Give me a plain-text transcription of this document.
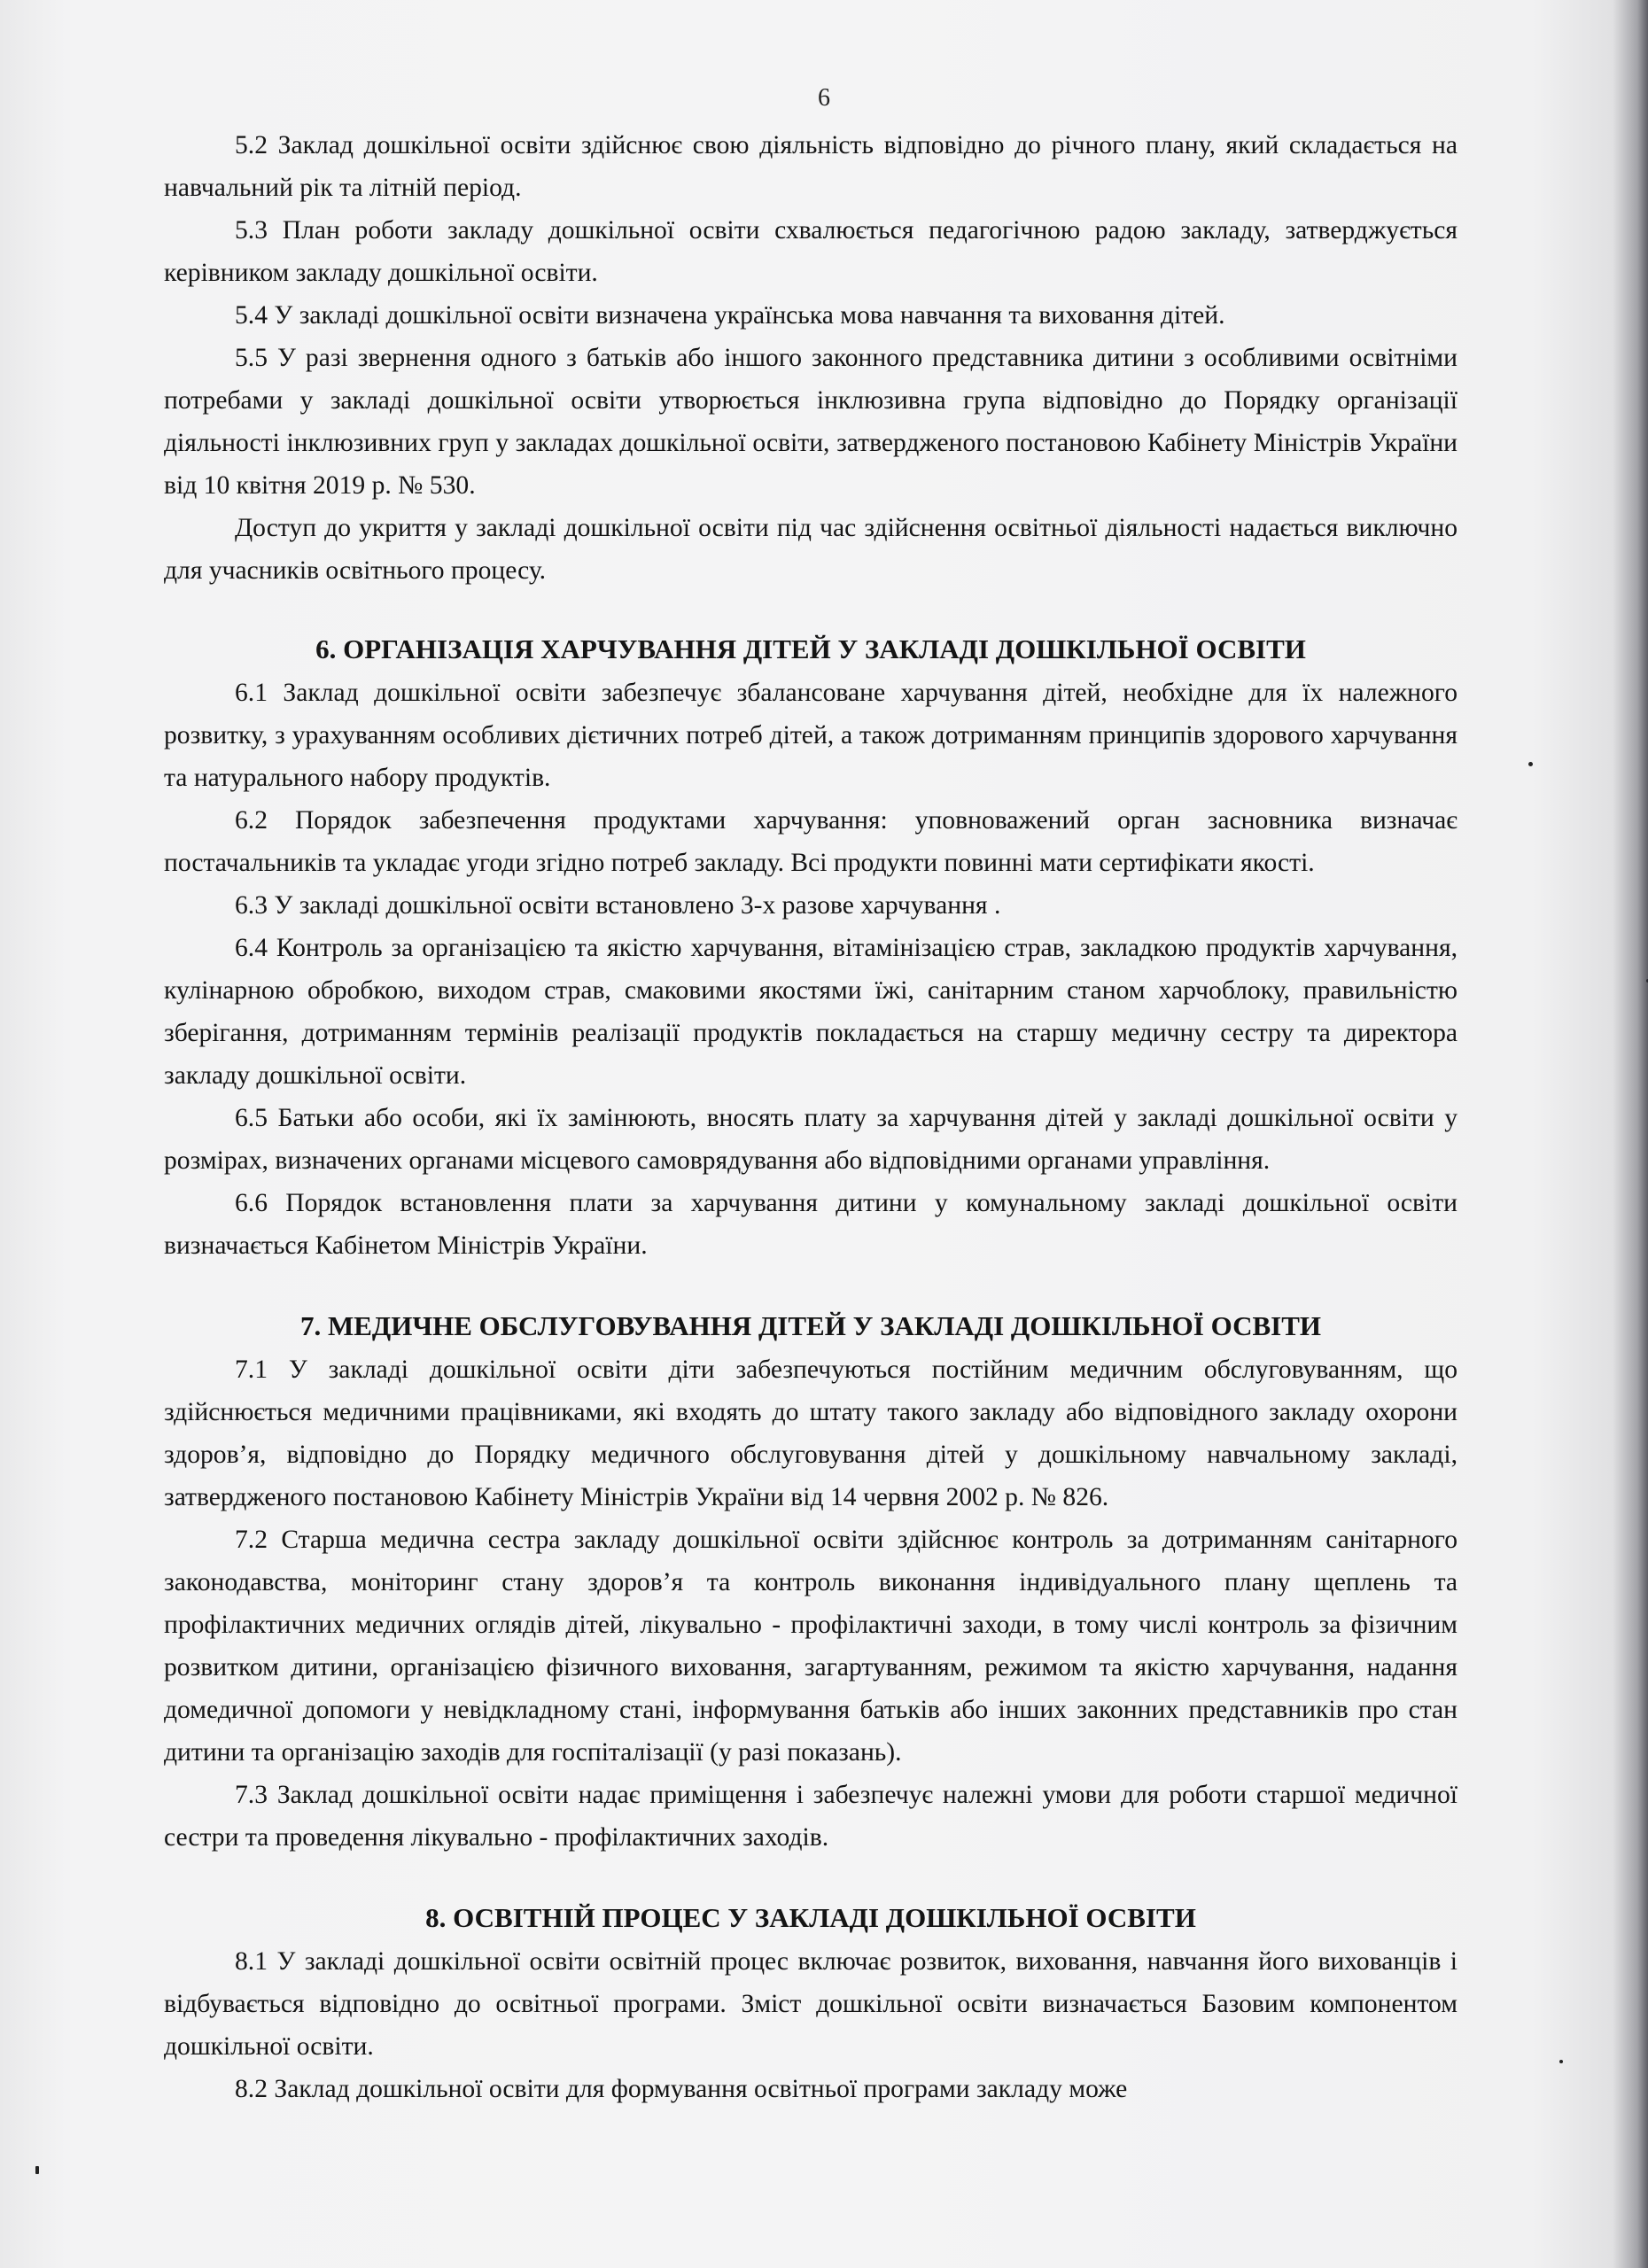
6

5.2 Заклад дошкільної освіти здійснює свою діяльність відповідно до річного плану, який складається на навчальний рік та літній період.

5.3 План роботи закладу дошкільної освіти схвалюється педагогічною радою закладу, затверджується керівником закладу дошкільної освіти.

5.4 У закладі дошкільної освіти визначена українська мова навчання та виховання дітей.

5.5 У разі звернення одного з батьків або іншого законного представника дитини з особливими освітніми потребами у закладі дошкільної освіти утворюється інклюзивна група відповідно до Порядку організації діяльності інклюзивних груп у закладах дошкільної освіти, затвердженого постановою Кабінету Міністрів України від 10 квітня 2019 р. № 530.

Доступ до укриття у закладі дошкільної освіти під час здійснення освітньої діяльності надається виключно для учасників освітнього процесу.

6. ОРГАНІЗАЦІЯ ХАРЧУВАННЯ ДІТЕЙ У ЗАКЛАДІ ДОШКІЛЬНОЇ ОСВІТИ

6.1 Заклад дошкільної освіти забезпечує збалансоване харчування дітей, необхідне для їх належного розвитку, з урахуванням особливих дієтичних потреб дітей, а також дотриманням принципів здорового харчування та натурального набору продуктів.

6.2 Порядок забезпечення продуктами харчування: уповноважений орган засновника визначає постачальників та укладає угоди згідно потреб закладу. Всі продукти повинні мати сертифікати якості.

6.3 У закладі дошкільної освіти встановлено 3-х разове харчування .

6.4 Контроль за організацією та якістю харчування, вітамінізацією страв, закладкою продуктів харчування, кулінарною обробкою, виходом страв, смаковими якостями їжі, санітарним станом харчоблоку, правильністю зберігання, дотриманням термінів реалізації продуктів покладається на старшу медичну сестру та директора закладу дошкільної освіти.

6.5 Батьки або особи, які їх замінюють, вносять плату за харчування дітей у закладі дошкільної освіти у розмірах, визначених органами місцевого самоврядування або відповідними органами управління.

6.6 Порядок встановлення плати за харчування дитини у комунальному закладі дошкільної освіти визначається Кабінетом Міністрів України.

7. МЕДИЧНЕ ОБСЛУГОВУВАННЯ ДІТЕЙ У ЗАКЛАДІ ДОШКІЛЬНОЇ ОСВІТИ

7.1 У закладі дошкільної освіти діти забезпечуються постійним медичним обслуговуванням, що здійснюється медичними працівниками, які входять до штату такого закладу або відповідного закладу охорони здоров’я, відповідно до Порядку медичного обслуговування дітей у дошкільному навчальному закладі, затвердженого постановою Кабінету Міністрів України від 14 червня 2002 р. № 826.

7.2 Старша медична сестра закладу дошкільної освіти здійснює контроль за дотриманням санітарного законодавства, моніторинг стану здоров’я та контроль виконання індивідуального плану щеплень та профілактичних медичних оглядів дітей, лікувально - профілактичні заходи, в тому числі контроль за фізичним розвитком дитини, організацією фізичного виховання, загартуванням, режимом та якістю харчування, надання домедичної допомоги у невідкладному стані, інформування батьків або інших законних представників про стан дитини та організацію заходів для госпіталізації (у разі показань).

7.3 Заклад дошкільної освіти надає приміщення і забезпечує належні умови для роботи старшої медичної сестри та проведення лікувально - профілактичних заходів.

8. ОСВІТНІЙ ПРОЦЕС У ЗАКЛАДІ ДОШКІЛЬНОЇ ОСВІТИ

8.1 У закладі дошкільної освіти освітній процес включає розвиток, виховання, навчання його вихованців і відбувається відповідно до освітньої програми. Зміст дошкільної освіти визначається Базовим компонентом дошкільної освіти.

8.2 Заклад дошкільної освіти для формування освітньої програми закладу може
